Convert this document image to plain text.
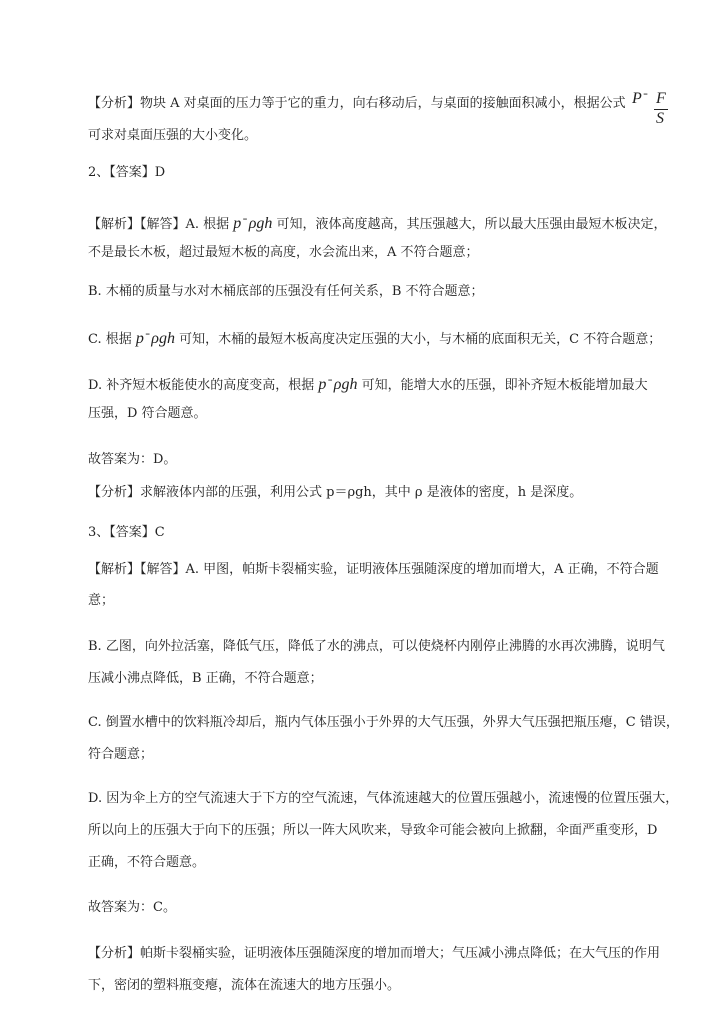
【分析】物块 A 对桌面的压力等于它的重力，向右移动后，与桌面的接触面积减小，根据公式 P= F
S
可求对桌面压强的大小变化。
2、【答案】D
【解析】【解答】A. 根据 p=ρgh 可知，液体高度越高，其压强越大，所以最大压强由最短木板决定，
不是最长木板，超过最短木板的高度，水会流出来，A 不符合题意；
B. 木桶的质量与水对木桶底部的压强没有任何关系，B 不符合题意；
C. 根据 p=ρgh 可知，木桶的最短木板高度决定压强的大小，与木桶的底面积无关，C 不符合题意；
D. 补齐短木板能使水的高度变高，根据 p=ρgh 可知，能增大水的压强，即补齐短木板能增加最大
压强，D 符合题意。
故答案为：D。
【分析】求解液体内部的压强，利用公式 p＝ρgh，其中 ρ 是液体的密度，h 是深度。
3、【答案】C
【解析】【解答】A. 甲图，帕斯卡裂桶实验，证明液体压强随深度的增加而增大，A 正确，不符合题
意；
B. 乙图，向外拉活塞，降低气压，降低了水的沸点，可以使烧杯内刚停止沸腾的水再次沸腾，说明气
压减小沸点降低，B 正确，不符合题意；
C. 倒置水槽中的饮料瓶冷却后，瓶内气体压强小于外界的大气压强，外界大气压强把瓶压瘪，C 错误，
符合题意；
D. 因为伞上方的空气流速大于下方的空气流速，气体流速越大的位置压强越小，流速慢的位置压强大，
所以向上的压强大于向下的压强；所以一阵大风吹来，导致伞可能会被向上掀翻，伞面严重变形，D
正确，不符合题意。
故答案为：C。
【分析】帕斯卡裂桶实验，证明液体压强随深度的增加而增大；气压减小沸点降低；在大气压的作用
下，密闭的塑料瓶变瘪，流体在流速大的地方压强小。
